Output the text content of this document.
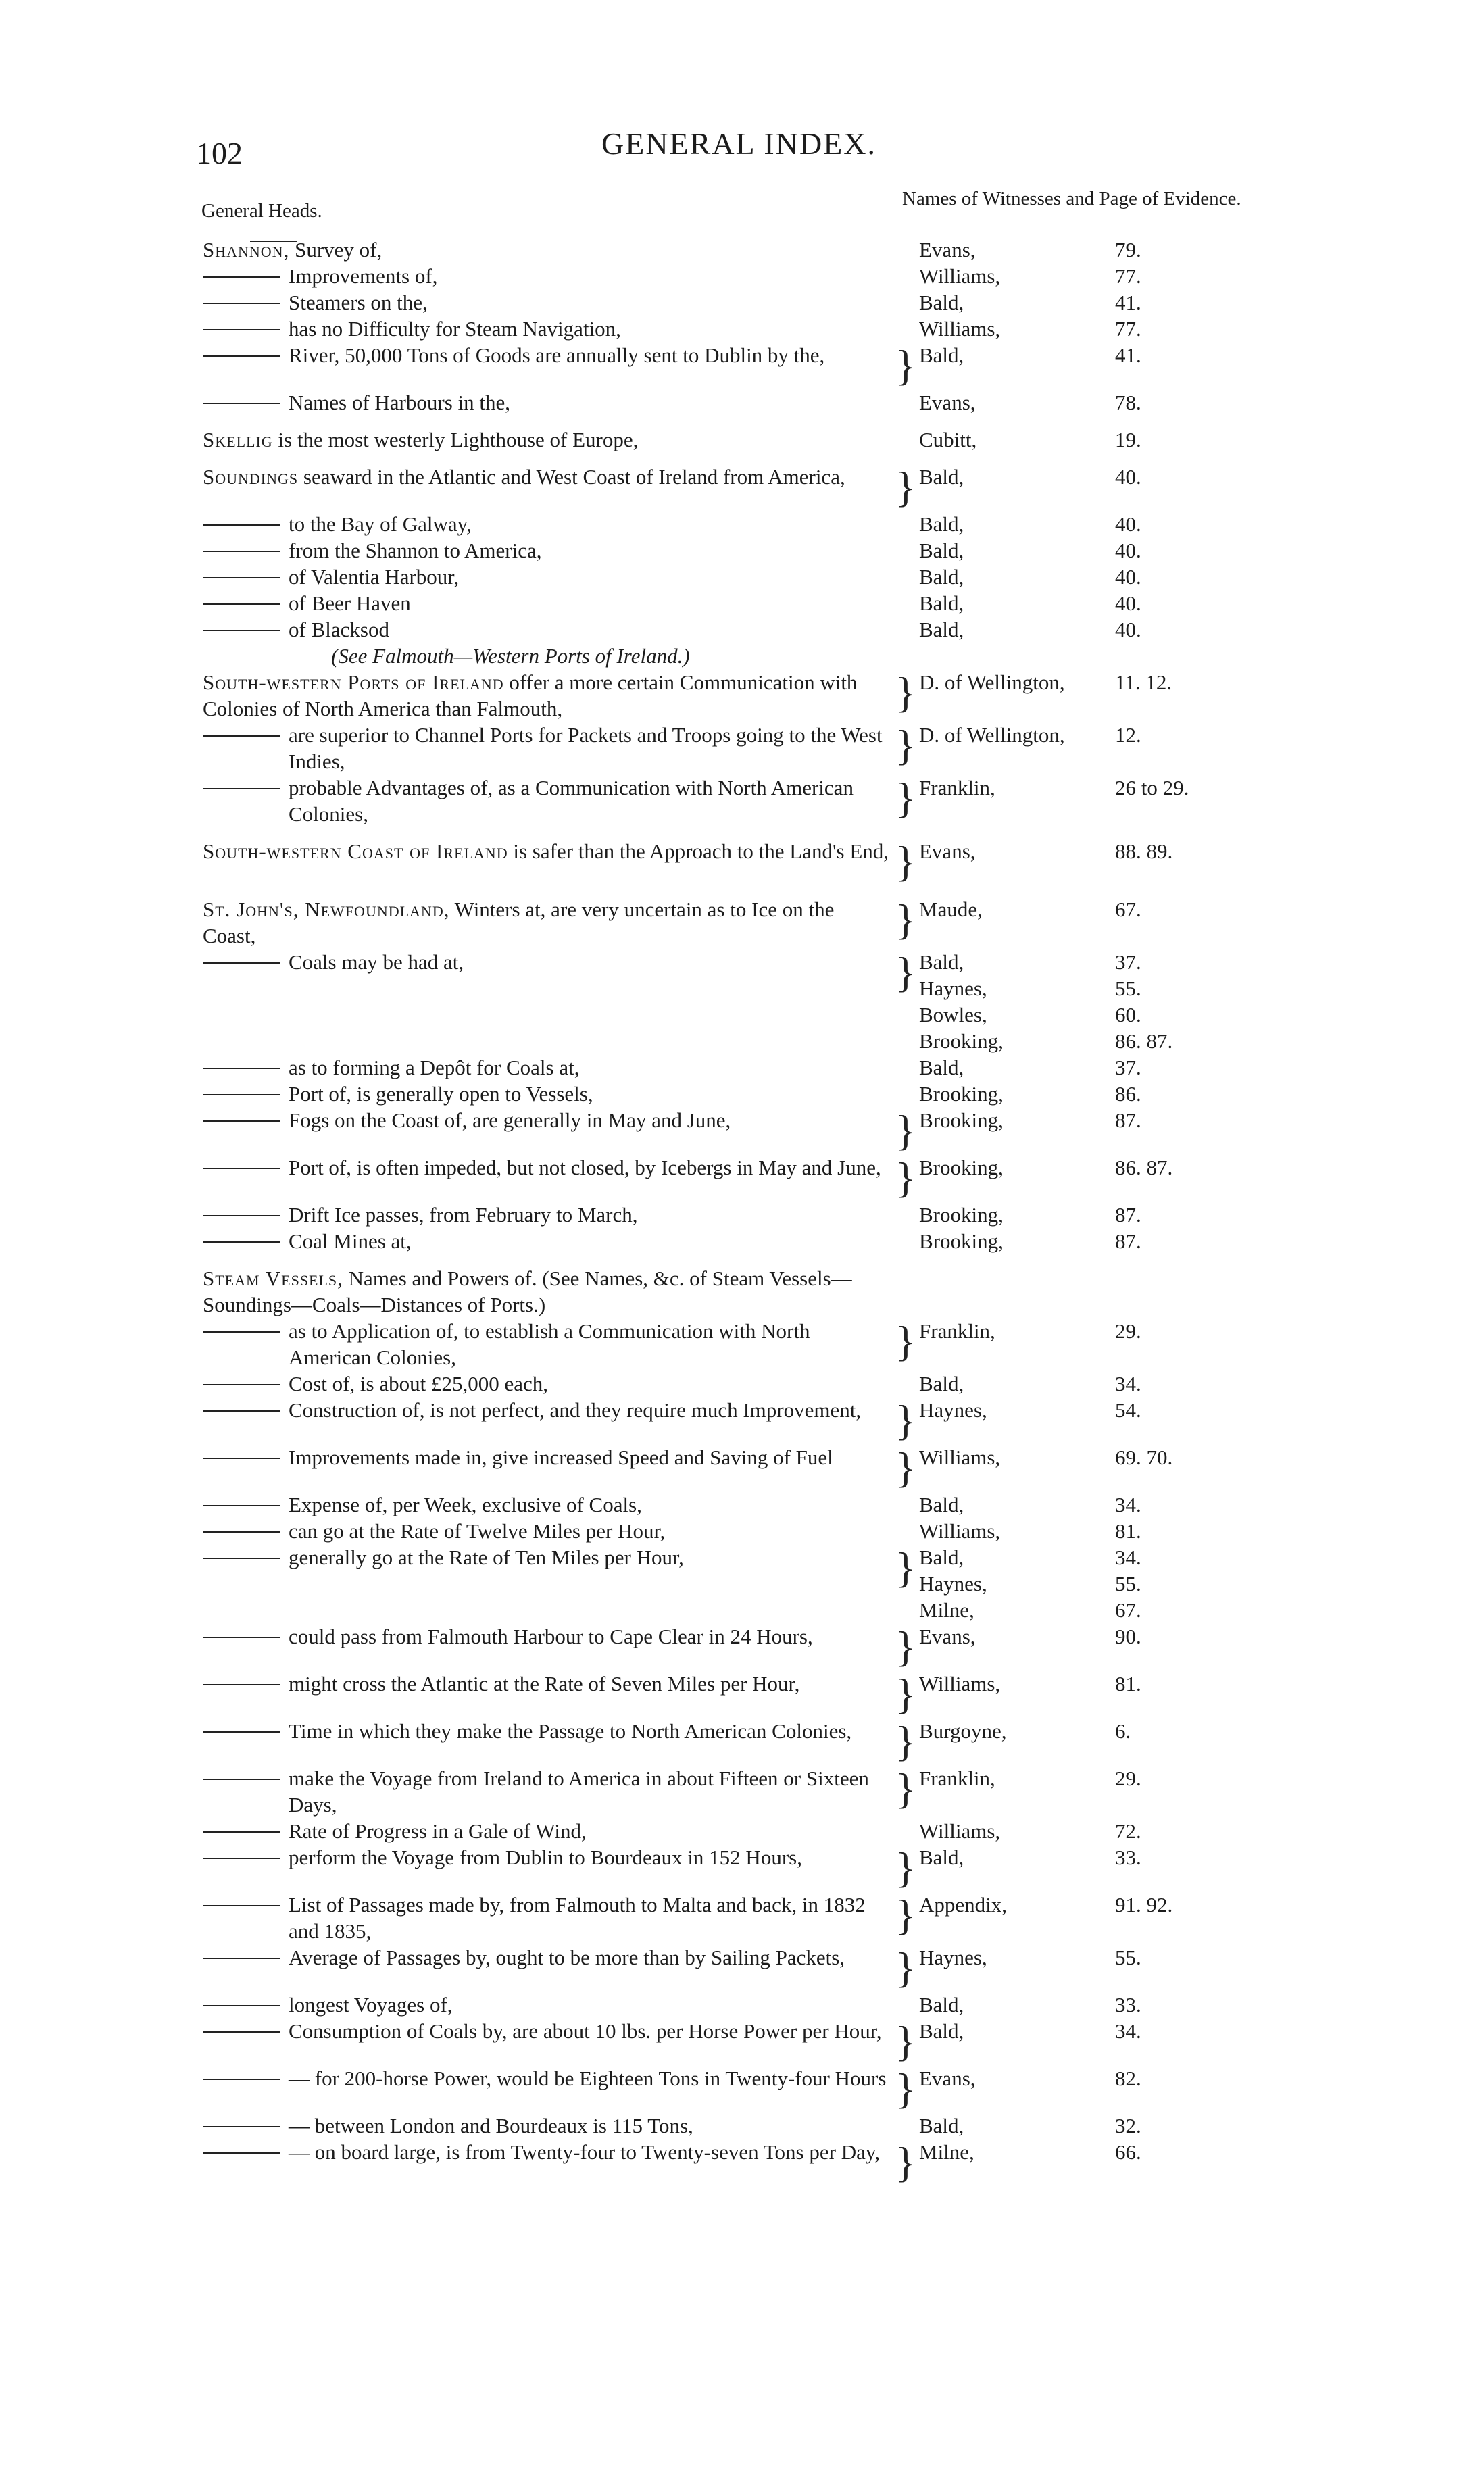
102	GENERAL INDEX.
General Heads.
Names of Witnesses and Page of Evidence.
Shannon, Survey of,	Evans,	79.
Improvements of,	Williams,	77.
Steamers on the,	Bald,	41.
has no Difficulty for Steam Navigation,	Williams,	77.
River, 50,000 Tons of Goods are annually sent to Dublin by the,	} Bald,	41.
Names of Harbours in the,	Evans,	78.
Skellig is the most westerly Lighthouse of Europe,	Cubitt,	19.
Soundings seaward in the Atlantic and West Coast of Ireland from America,	} Bald,	40.
to the Bay of Galway,	Bald,	40.
from the Shannon to America,	Bald,	40.
of Valentia Harbour,	Bald,	40.
of Beer Haven	Bald,	40.
of Blacksod	Bald,	40.
(See Falmouth—Western Ports of Ireland.)
South-western Ports of Ireland offer a more certain Communication with Colonies of North America than Falmouth,	} D. of Wellington,	11. 12.
are superior to Channel Ports for Packets and Troops going to the West Indies,	} D. of Wellington,	12.
probable Advantages of, as a Communication with North American Colonies,	} Franklin,	26 to 29.
South-western Coast of Ireland is safer than the Approach to the Land's End, } Evans,	88. 89.
St. John's, Newfoundland, Winters at, are very uncertain as to Ice on the Coast,	} Maude,	67.
Coals may be had at,	} Bald,	37.
Haynes,	55.
Bowles,	60.
Brooking,	86. 87.
as to forming a Depôt for Coals at,	Bald,	37.
Port of, is generally open to Vessels,	Brooking,	86.
Fogs on the Coast of, are generally in May and June,	} Brooking,	87.
Port of, is often impeded, but not closed, by Icebergs in May and June, } Brooking,	86. 87.
Drift Ice passes, from February to March,	Brooking,	87.
Coal Mines at,	Brooking,	87.
Steam Vessels, Names and Powers of. (See Names, &c. of Steam Vessels—Soundings—Coals—Distances of Ports.)
as to Application of, to establish a Communication with North American Colonies,	} Franklin,	29.
Cost of, is about £25,000 each,	Bald,	34.
Construction of, is not perfect, and they require much Improvement, } Haynes,	54.
Improvements made in, give increased Speed and Saving of Fuel	} Williams,	69. 70.
Expense of, per Week, exclusive of Coals,	Bald,	34.
can go at the Rate of Twelve Miles per Hour,	Williams,	81.
generally go at the Rate of Ten Miles per Hour,	} Bald,	34.
Haynes,	55.
Milne,	67.
could pass from Falmouth Harbour to Cape Clear in 24 Hours,	} Evans,	90.
might cross the Atlantic at the Rate of Seven Miles per Hour,	} Williams,	81.
Time in which they make the Passage to North American Colonies,	} Burgoyne,	6.
make the Voyage from Ireland to America in about Fifteen or Sixteen Days,	} Franklin,	29.
Rate of Progress in a Gale of Wind,	Williams,	72.
perform the Voyage from Dublin to Bourdeaux in 152 Hours,	} Bald,	33.
List of Passages made by, from Falmouth to Malta and back, in 1832 and 1835,	} Appendix,	91. 92.
Average of Passages by, ought to be more than by Sailing Packets,	} Haynes,	55.
longest Voyages of,	Bald,	33.
Consumption of Coals by, are about 10 lbs. per Horse Power per Hour, } Bald,	34.
— for 200-horse Power, would be Eighteen Tons in Twenty-four Hours } Evans,	82.
— between London and Bourdeaux is 115 Tons,	Bald,	32.
— on board large, is from Twenty-four to Twenty-seven Tons per Day, } Milne,	66.
